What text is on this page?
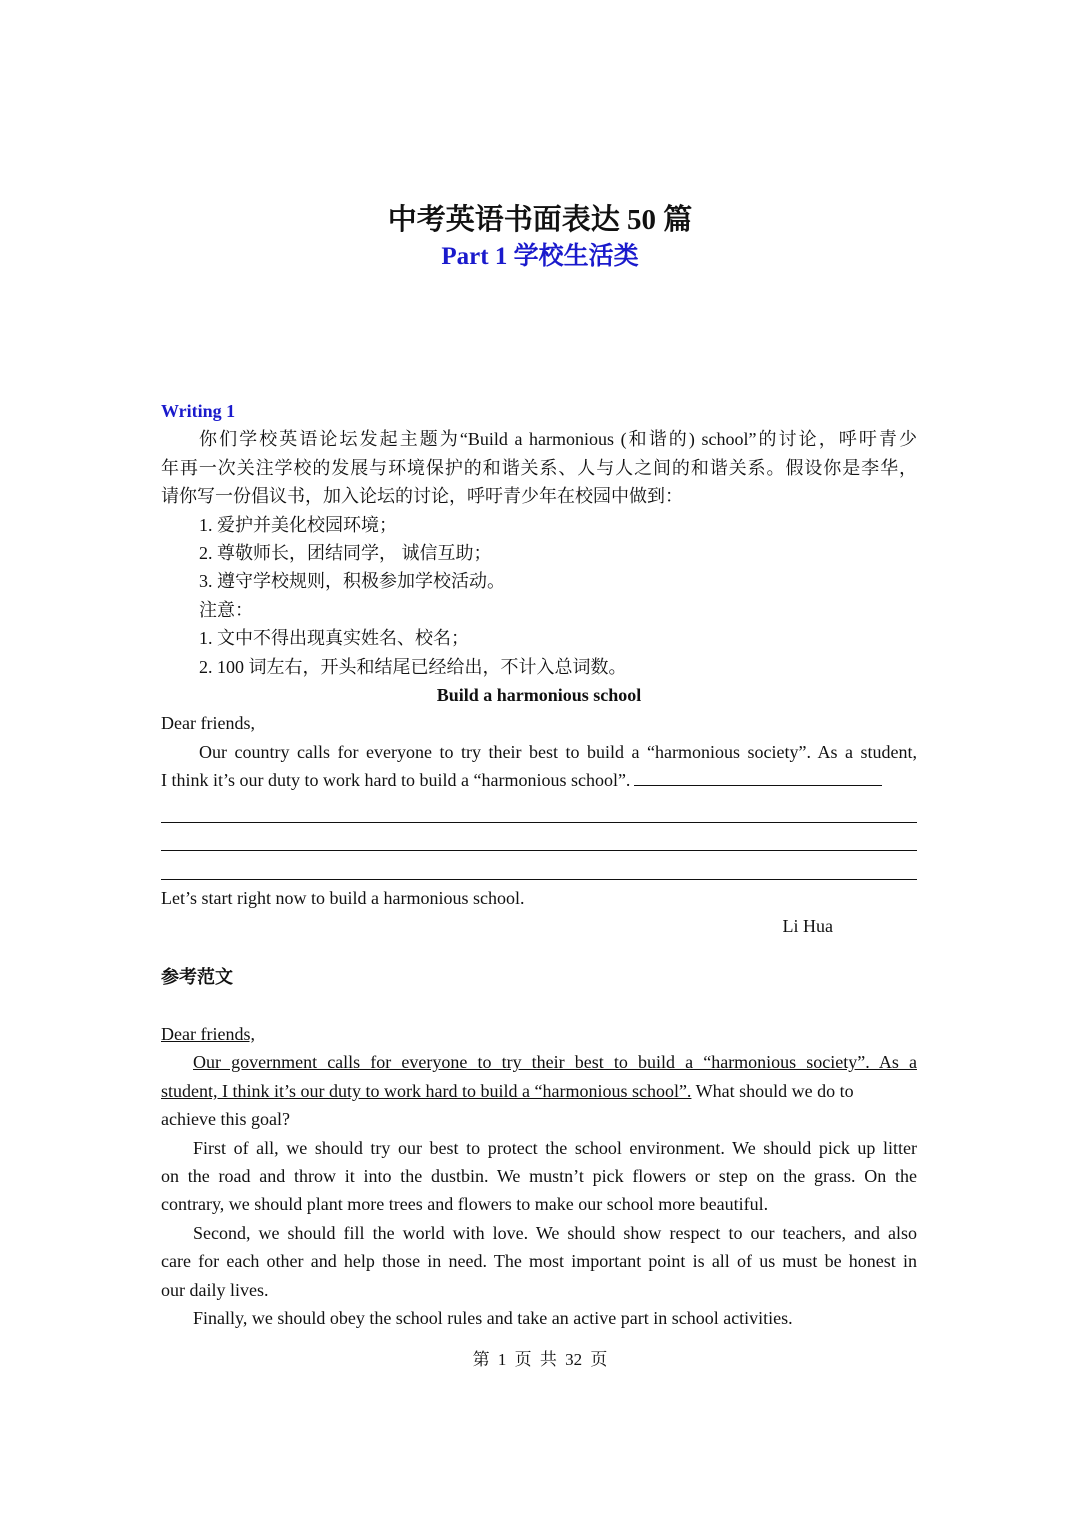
中考英语书面表达 50 篇
Part 1 学校生活类
Writing 1
你们学校英语论坛发起主题为“Build a harmonious (和谐的) school”的讨论，呼吁青少
年再一次关注学校的发展与环境保护的和谐关系、人与人之间的和谐关系。假设你是李华，
请你写一份倡议书，加入论坛的讨论，呼吁青少年在校园中做到：
1. 爱护并美化校园环境；
2. 尊敬师长，团结同学， 诚信互助；
3. 遵守学校规则，积极参加学校活动。
注意：
1. 文中不得出现真实姓名、校名；
2. 100 词左右，开头和结尾已经给出，不计入总词数。
Build a harmonious school
Dear friends,
Our country calls for everyone to try their best to build a “harmonious society”. As a student,
I think it’s our duty to work hard to build a “harmonious school”.
Let’s start right now to build a harmonious school.
Li Hua
参考范文
Dear friends,
Our government calls for everyone to try their best to build a “harmonious society”. As a
student, I think it’s our duty to work hard to build a “harmonious school”. What should we do to
achieve this goal?
First of all, we should try our best to protect the school environment. We should pick up litter
on the road and throw it into the dustbin. We mustn’t pick flowers or step on the grass. On the
contrary, we should plant more trees and flowers to make our school more beautiful.
Second, we should fill the world with love. We should show respect to our teachers, and also
care for each other and help those in need. The most important point is all of us must be honest in
our daily lives.
Finally, we should obey the school rules and take an active part in school activities.
第 1 页 共 32 页
